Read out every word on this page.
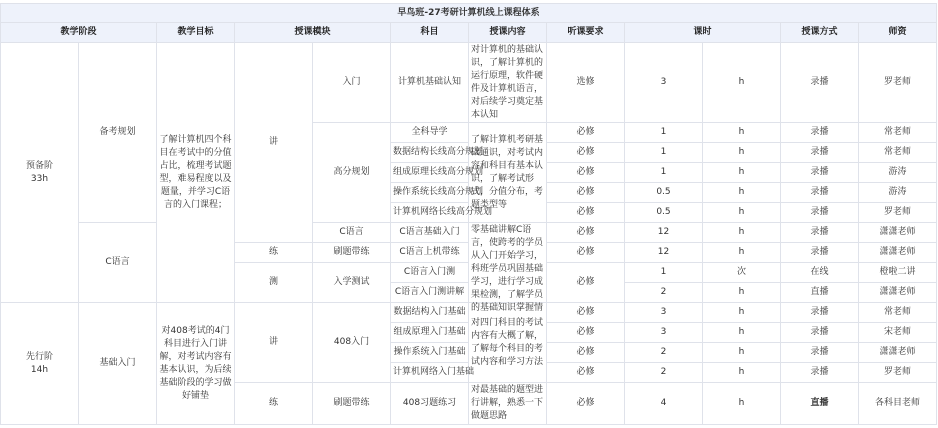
早鸟班-27考研计算机线上课程体系											
教学阶段		教学目标	授课模块		科目	授课内容	听课要求	课时		授课方式	师资
预备阶
33h	备考规划	了解计算机四个科目在考试中的分值占比，梳理考试题型，难易程度以及题量，并学习C语言的入门课程；	讲	入门	计算机基础认知	对计算机的基础认识，了解计算机的运行原理，软件硬件及计算机语言，对后续学习奠定基本认知	选修	3	h	录播	罗老师
				高分规划	全科导学	了解计算机考研基础通识，对考试内容和科目有基本认识，了解考试形式，分值分布，考题类型等	必修	1	h	录播	常老师
					数据结构长线高分规划		必修	1	h	录播	常老师
					组成原理长线高分规划		必修	1	h	录播	游涛
					操作系统长线高分规划		必修	0.5	h	录播	游涛
					计算机网络长线高分规划		必修	0.5	h	录播	罗老师
	C语言			C语言	C语言基础入门	零基础讲解C语言，使跨考的学员从入门开始学习，科班学员巩固基础学习，进行学习成果检测，了解学员的基础知识掌握情	必修	12	h	录播	潇潇老师
			练	刷题带练	C语言上机带练		必修	12	h	录播	潇潇老师
			测	入学测试	C语言入门测		必修	1	次	在线	橙啦二讲
					C语言入门测讲解			2	h	直播	潇潇老师
先行阶
14h	基础入门	对408考试的4门科目进行入门讲解，对考试内容有基本认识，为后续基础阶段的学习做好铺垫	讲	408入门	数据结构入门基础	对四门科目的考试内容有大概了解，了解每个科目的考试内容和学习方法	必修	3	h	录播	常老师
					组成原理入门基础		必修	3	h	录播	宋老师
					操作系统入门基础		必修	2	h	录播	潇潇老师
					计算机网络入门基础		必修	2	h	录播	罗老师
			练	刷题带练	408习题练习	对最基础的题型进行讲解，熟悉一下做题思路	必修	4	h	直播	各科目老师
